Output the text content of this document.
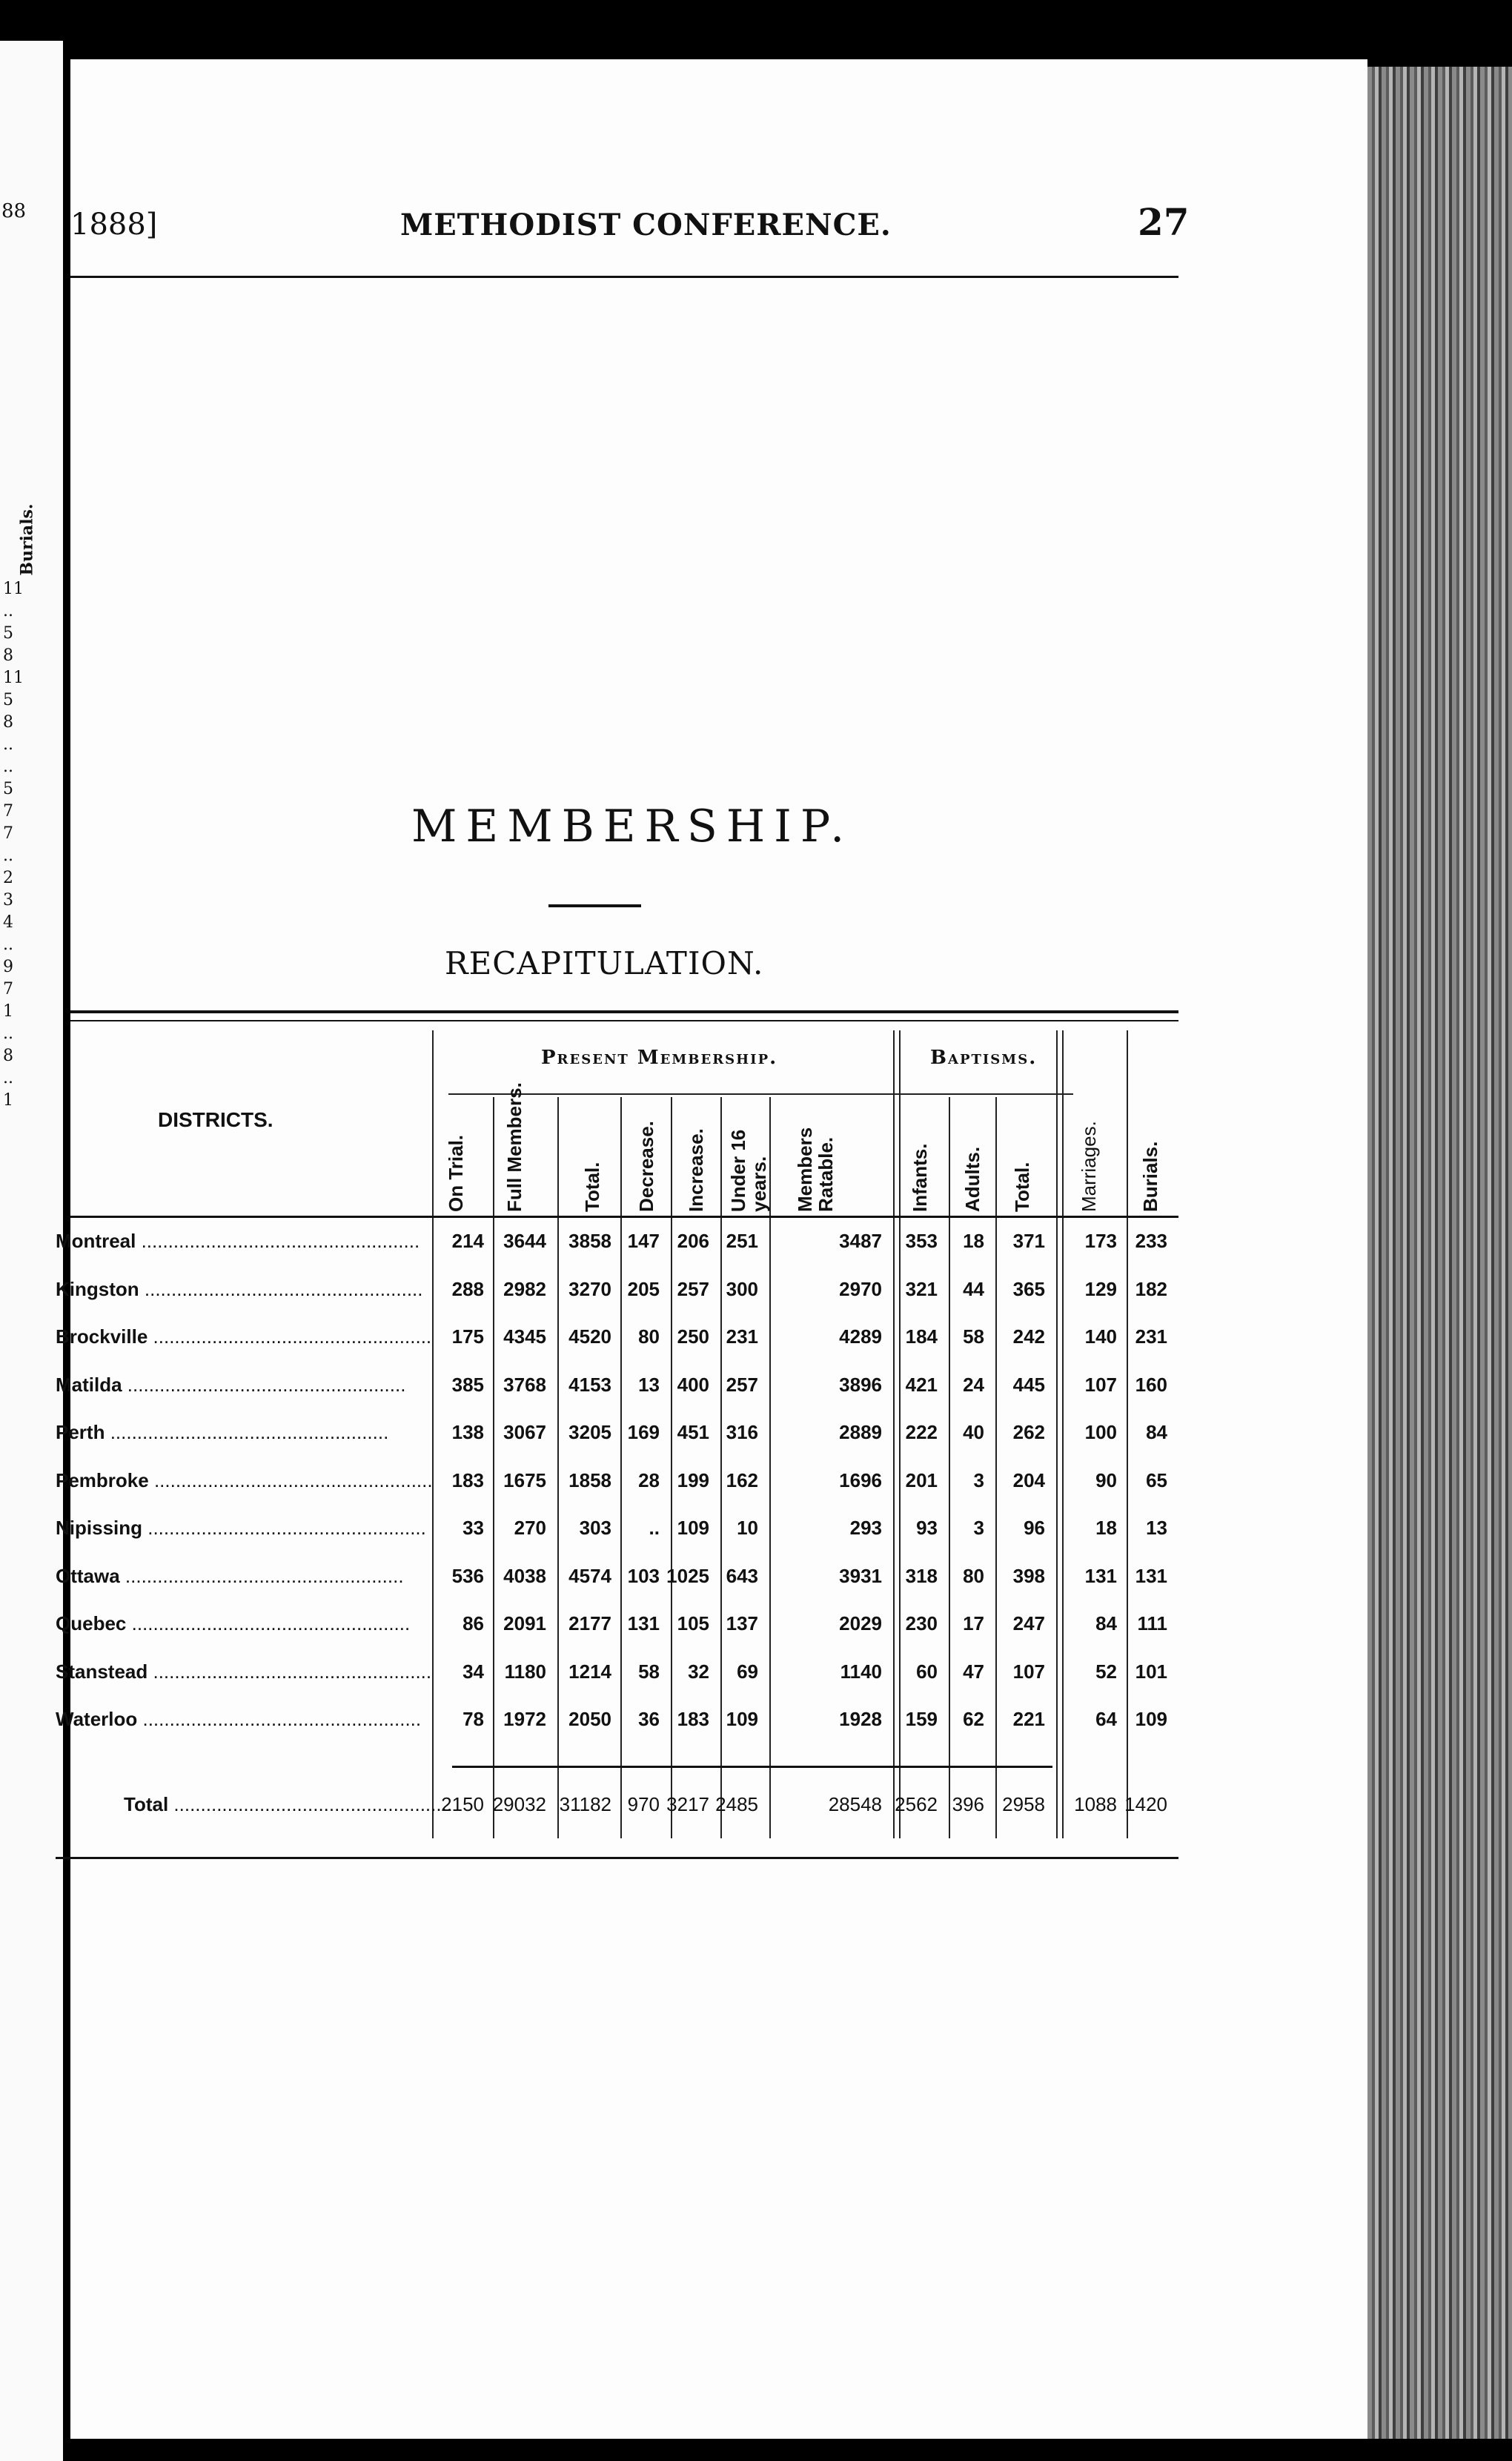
88
Burials.
11
..
5
8
11
5
8
..
..
5
7
7
..
2
3
4
..
9
7
1
..
8
..
1
1888]	METHODIST CONFERENCE.	27
MEMBERSHIP.
RECAPITULATION.
Present Membership.	Baptisms.
DISTRICTS.
On Trial. Full Members.	Total. Decrease. Increase. Under 16 years. Members Ratable.	Infants. Adults. Total. Marriages. Burials.
Montreal .....	214	3644	3858 147 206 251	3487	353	18	371	173 233
Kingston .....	288	2982	3270 205 257 300	2970	321	44	365	129 182
Brockville .....	175	4345	4520	80 250 231	4289	184	58	242	140 231
Matilda .....	385	3768	4153	13 400 257	3896	421	24	445	107 160
Perth .....	138	3067	3205 169 451 316	2889	222	40	262	100	84
Pembroke .....	183	1675	1858	28 199 162	1696	201	3	204	90	65
Nipissing .....	33	270	303	.. 109	10	293	93	3	96	18	13
Ottawa .....	536	4038	4574 103 1025 643	3931	318	80	398	131 131
Quebec .....	86	2091	2177 131 105 137	2029	230	17	247	84	111
Stanstead .....	34	1180	1214	58	32	69	1140	60	47	107	52 101
Waterloo .....	78	1972	2050	36 183 109	1928	159	62	221	64 109
Total .....	2150 29032 31182 970 3217 2485	28548 2562 396 2958	1088 1420
